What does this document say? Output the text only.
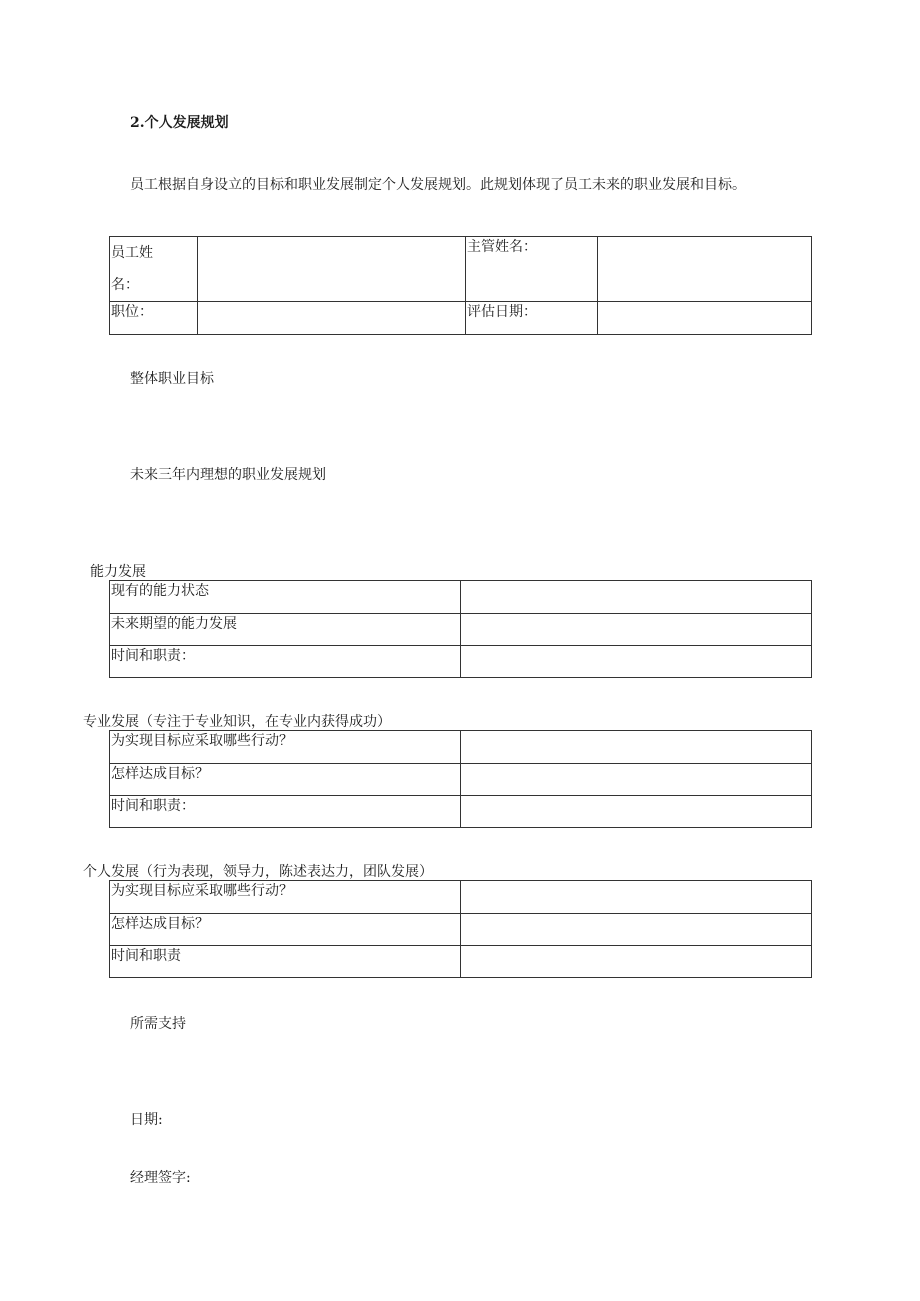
2.个人发展规划
员工根据自身设立的目标和职业发展制定个人发展规划。此规划体现了员工未来的职业发展和目标。
员工姓名：		主管姓名：	
职位：		评估日期：	
整体职业目标
未来三年内理想的职业发展规划
能力发展
现有的能力状态	
未来期望的能力发展	
时间和职责：	
专业发展（专注于专业知识，在专业内获得成功）
为实现目标应采取哪些行动？	
怎样达成目标？	
时间和职责：	
个人发展（行为表现，领导力，陈述表达力，团队发展）
为实现目标应采取哪些行动？	
怎样达成目标？	
时间和职责	
所需支持
日期:
经理签字:
